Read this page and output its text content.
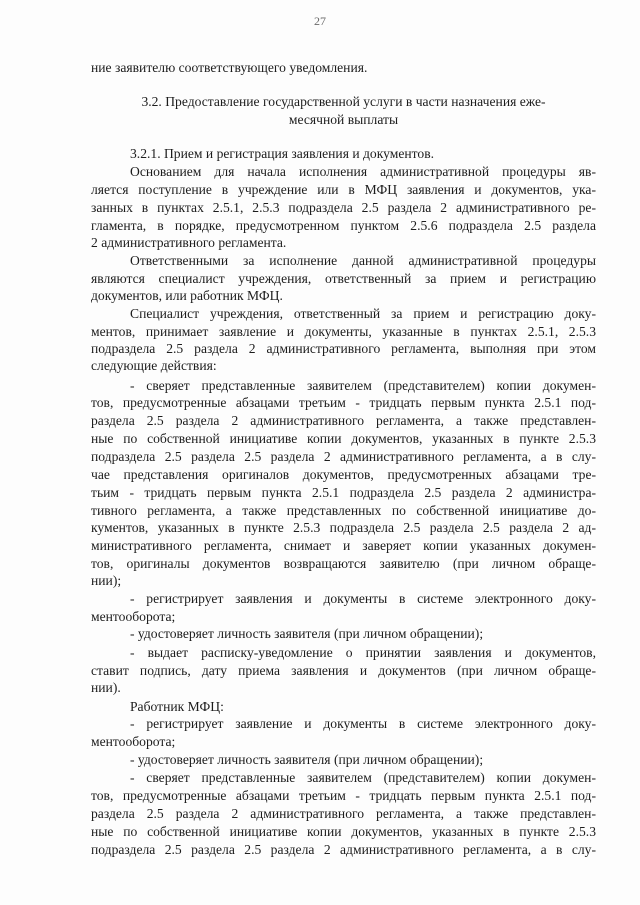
27
ние заявителю соответствующего уведомления.
3.2. Предоставление государственной услуги в части назначения еже-
месячной выплаты
3.2.1. Прием и регистрация заявления и документов.
Основанием для начала исполнения административной процедуры яв-
ляется поступление в учреждение или в МФЦ заявления и документов, ука-
занных в пунктах 2.5.1, 2.5.3 подраздела 2.5 раздела 2 административного ре-
гламента, в порядке, предусмотренном пунктом 2.5.6 подраздела 2.5 раздела
2 административного регламента.
Ответственными за исполнение данной административной процедуры
являются специалист учреждения, ответственный за прием и регистрацию
документов, или работник МФЦ.
Специалист учреждения, ответственный за прием и регистрацию доку-
ментов, принимает заявление и документы, указанные в пунктах 2.5.1, 2.5.3
подраздела 2.5 раздела 2 административного регламента, выполняя при этом
следующие действия:
- сверяет представленные заявителем (представителем) копии докумен-
тов, предусмотренные абзацами третьим - тридцать первым пункта 2.5.1 под-
раздела 2.5 раздела 2 административного регламента, а также представлен-
ные по собственной инициативе копии документов, указанных в пункте 2.5.3
подраздела 2.5 раздела 2.5 раздела 2 административного регламента, а в слу-
чае представления оригиналов документов, предусмотренных абзацами тре-
тьим - тридцать первым пункта 2.5.1 подраздела 2.5 раздела 2 администра-
тивного регламента, а также представленных по собственной инициативе до-
кументов, указанных в пункте 2.5.3 подраздела 2.5 раздела 2.5 раздела 2 ад-
министративного регламента, снимает и заверяет копии указанных докумен-
тов, оригиналы документов возвращаются заявителю (при личном обраще-
нии);
- регистрирует заявления и документы в системе электронного доку-
ментооборота;
- удостоверяет личность заявителя (при личном обращении);
- выдает расписку-уведомление о принятии заявления и документов,
ставит подпись, дату приема заявления и документов (при личном обраще-
нии).
Работник МФЦ:
- регистрирует заявление и документы в системе электронного доку-
ментооборота;
- удостоверяет личность заявителя (при личном обращении);
- сверяет представленные заявителем (представителем) копии докумен-
тов, предусмотренные абзацами третьим - тридцать первым пункта 2.5.1 под-
раздела 2.5 раздела 2 административного регламента, а также представлен-
ные по собственной инициативе копии документов, указанных в пункте 2.5.3
подраздела 2.5 раздела 2.5 раздела 2 административного регламента, а в слу-
